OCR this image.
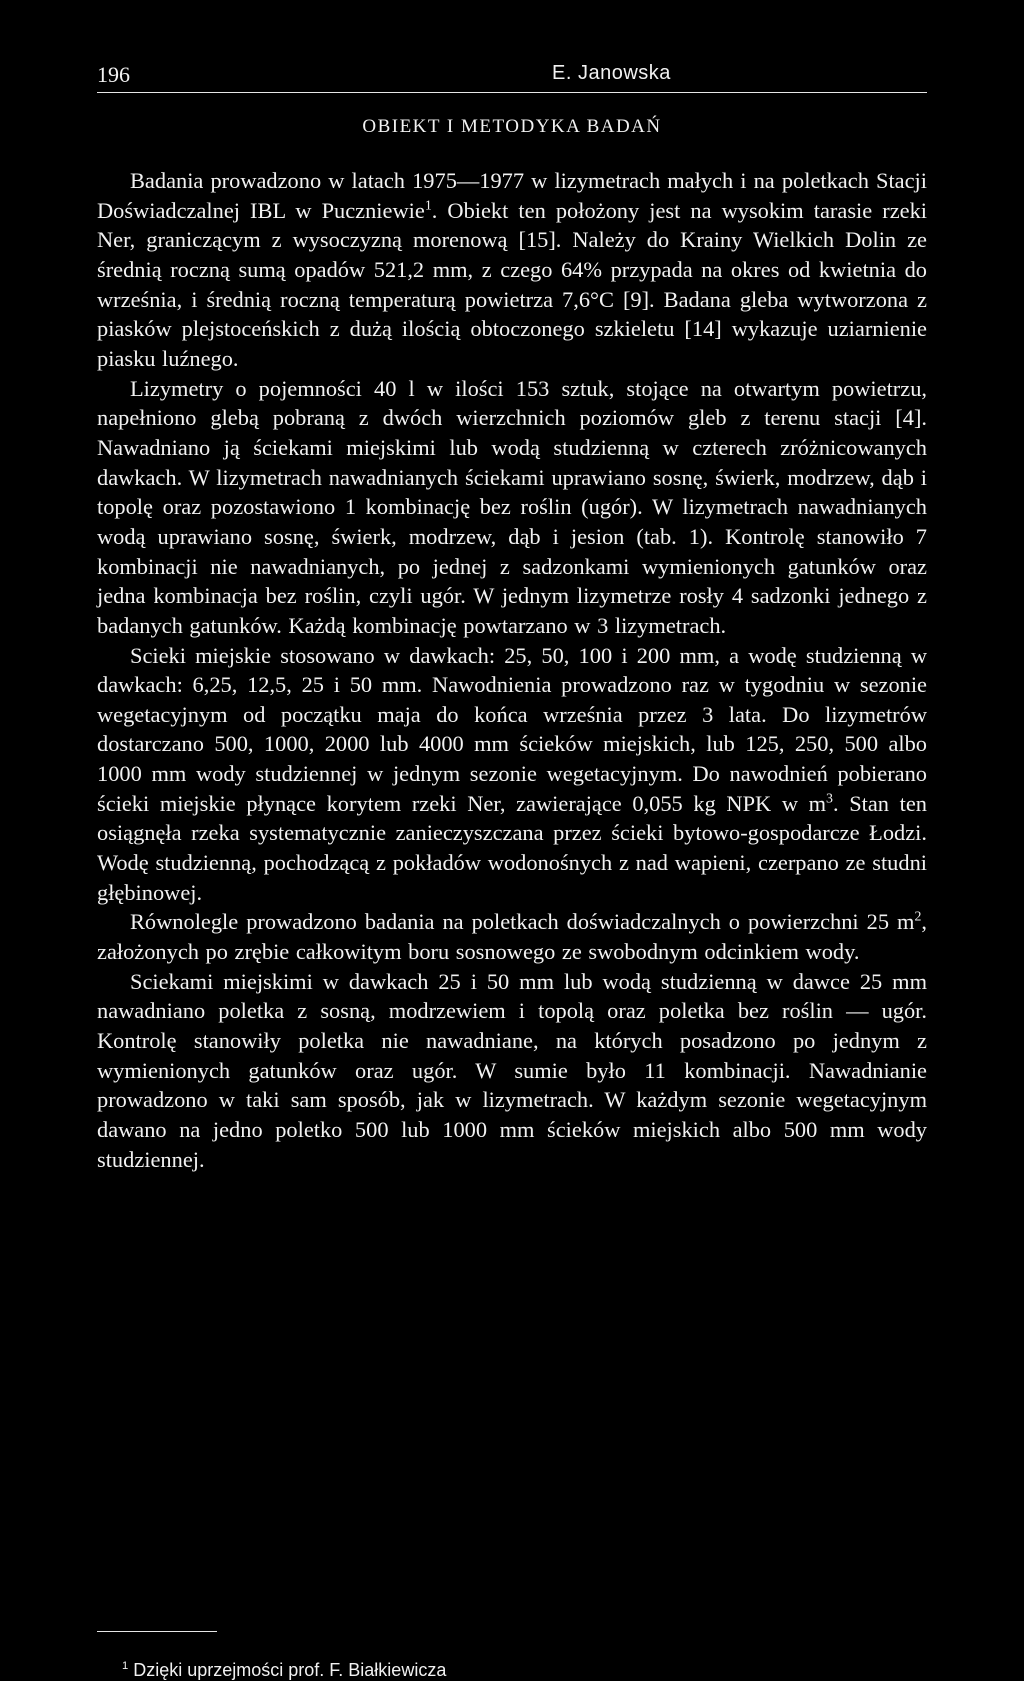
196	E. Janowska
OBIEKT I METODYKA BADAŃ

Badania prowadzono w latach 1975—1977 w lizymetrach małych i na poletkach Stacji Doświadczalnej IBL w Puczniewie$^1$. Obiekt ten położony jest na wysokim tarasie rzeki Ner, graniczącym z wysoczyzną morenową [15]. Należy do Krainy Wielkich Dolin ze średnią roczną sumą opadów 521,2 mm, z czego 64% przypada na okres od kwietnia do września, i średnią roczną temperaturą powietrza 7,6°C [9]. Badana gleba wytworzona z piasków plejstoceńskich z dużą ilością obtoczonego szkieletu [14] wykazuje uziarnienie piasku luźnego.

Lizymetry o pojemności 40 l w ilości 153 sztuk, stojące na otwartym powietrzu, napełniono glebą pobraną z dwóch wierzchnich poziomów gleb z terenu stacji [4]. Nawadniano ją ściekami miejskimi lub wodą studzienną w czterech zróżnicowanych dawkach. W lizymetrach nawadnianych ściekami uprawiano sosnę, świerk, modrzew, dąb i topolę oraz pozostawiono 1 kombinację bez roślin (ugór). W lizymetrach nawadnianych wodą uprawiano sosnę, świerk, modrzew, dąb i jesion (tab. 1). Kontrolę stanowiło 7 kombinacji nie nawadnianych, po jednej z sadzonkami wymienionych gatunków oraz jedna kombinacja bez roślin, czyli ugór. W jednym lizymetrze rosły 4 sadzonki jednego z badanych gatunków. Każdą kombinację powtarzano w 3 lizymetrach.

Scieki miejskie stosowano w dawkach: 25, 50, 100 i 200 mm, a wodę studzienną w dawkach: 6,25, 12,5, 25 i 50 mm. Nawodnienia prowadzono raz w tygodniu w sezonie wegetacyjnym od początku maja do końca września przez 3 lata. Do lizymetrów dostarczano 500, 1000, 2000 lub 4000 mm ścieków miejskich, lub 125, 250, 500 albo 1000 mm wody studziennej w jednym sezonie wegetacyjnym. Do nawodnień pobierano ścieki miejskie płynące korytem rzeki Ner, zawierające 0,055 kg NPK w $m^3$. Stan ten osiągnęła rzeka systematycznie zanieczyszczana przez ścieki bytowo-gospodarcze Łodzi. Wodę studzienną, pochodzącą z pokładów wodonośnych z nad wapieni, czerpano ze studni głębinowej.

Równolegle prowadzono badania na poletkach doświadczalnych o powierzchni 25 $m^2$, założonych po zrębie całkowitym boru sosnowego ze swobodnym odcinkiem wody.

Sciekami miejskimi w dawkach 25 i 50 mm lub wodą studzienną w dawce 25 mm nawadniano poletka z sosną, modrzewiem i topolą oraz poletka bez roślin — ugór. Kontrolę stanowiły poletka nie nawadniane, na których posadzono po jednym z wymienionych gatunków oraz ugór. W sumie było 11 kombinacji. Nawadnianie prowadzono w taki sam sposób, jak w lizymetrach. W każdym sezonie wegetacyjnym dawano na jedno poletko 500 lub 1000 mm ścieków miejskich albo 500 mm wody studziennej.

$^1$ Dzięki uprzejmości prof. F. Białkiewicza
